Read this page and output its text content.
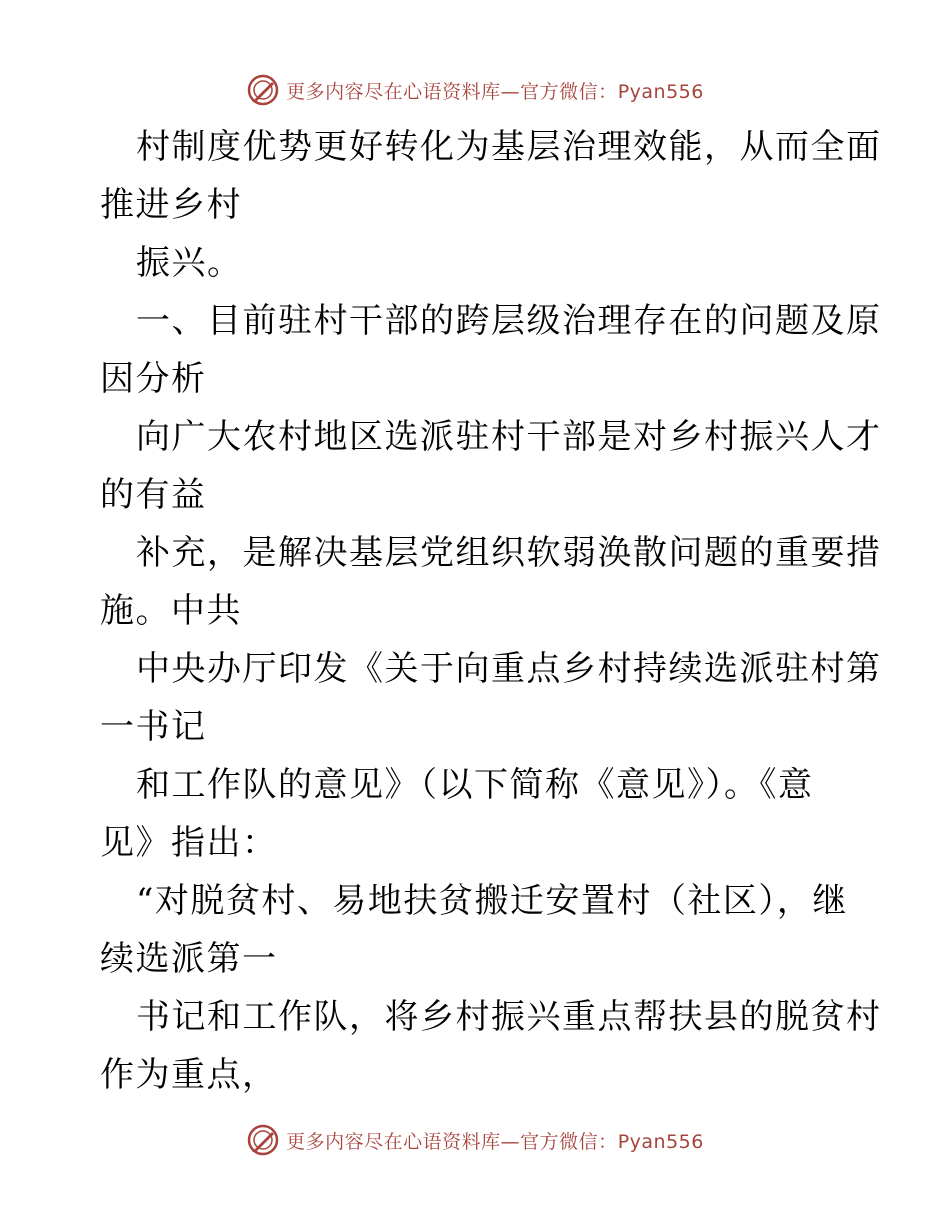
更多内容尽在心语资料库—官方微信：Pyan556
村制度优势更好转化为基层治理效能，从而全面
推进乡村
振兴。
一、目前驻村干部的跨层级治理存在的问题及原
因分析
向广大农村地区选派驻村干部是对乡村振兴人才
的有益
补充，是解决基层党组织软弱涣散问题的重要措
施。中共
中央办厅印发《关于向重点乡村持续选派驻村第
一书记
和工作队的意见》（以下简称《意见》）。《意
见》指出：
“对脱贫村、易地扶贫搬迁安置村（社区），继
续选派第一
书记和工作队，将乡村振兴重点帮扶县的脱贫村
作为重点，
更多内容尽在心语资料库—官方微信：Pyan556
